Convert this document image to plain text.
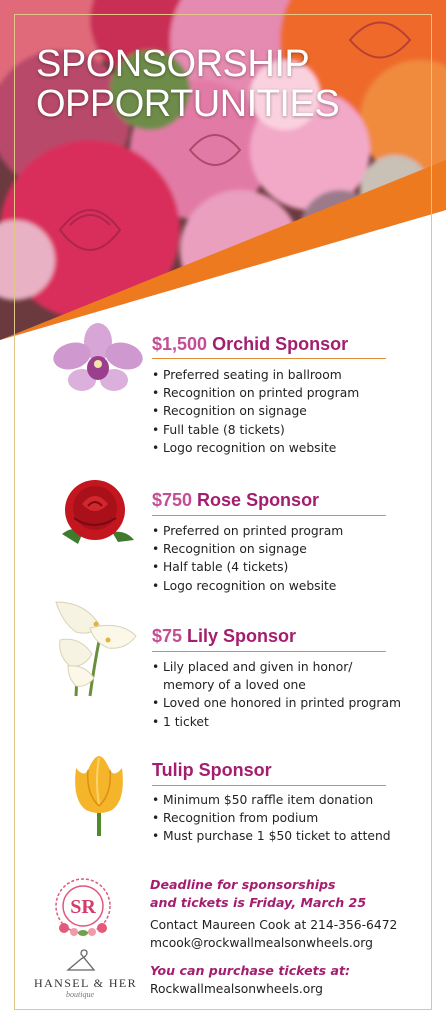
SPONSORSHIP
OPPORTUNITIES
$1,500 Orchid Sponsor
• Preferred seating in ballroom
• Recognition on printed program
• Recognition on signage
• Full table (8 tickets)
• Logo recognition on website
$750 Rose Sponsor
• Preferred on printed program
• Recognition on signage
• Half table (4 tickets)
• Logo recognition on website
$75 Lily Sponsor
• Lily placed and given in honor/
memory of a loved one
• Loved one honored in printed program
• 1 ticket
Tulip Sponsor
• Minimum $50 raffle item donation
• Recognition from podium
• Must purchase 1 $50 ticket to attend
SR
HANSEL & HER
boutique
Deadline for sponsorships
and tickets is Friday, March 25
Contact Maureen Cook at 214-356-6472
mcook@rockwallmealsonwheels.org
You can purchase tickets at:
Rockwallmealsonwheels.org
